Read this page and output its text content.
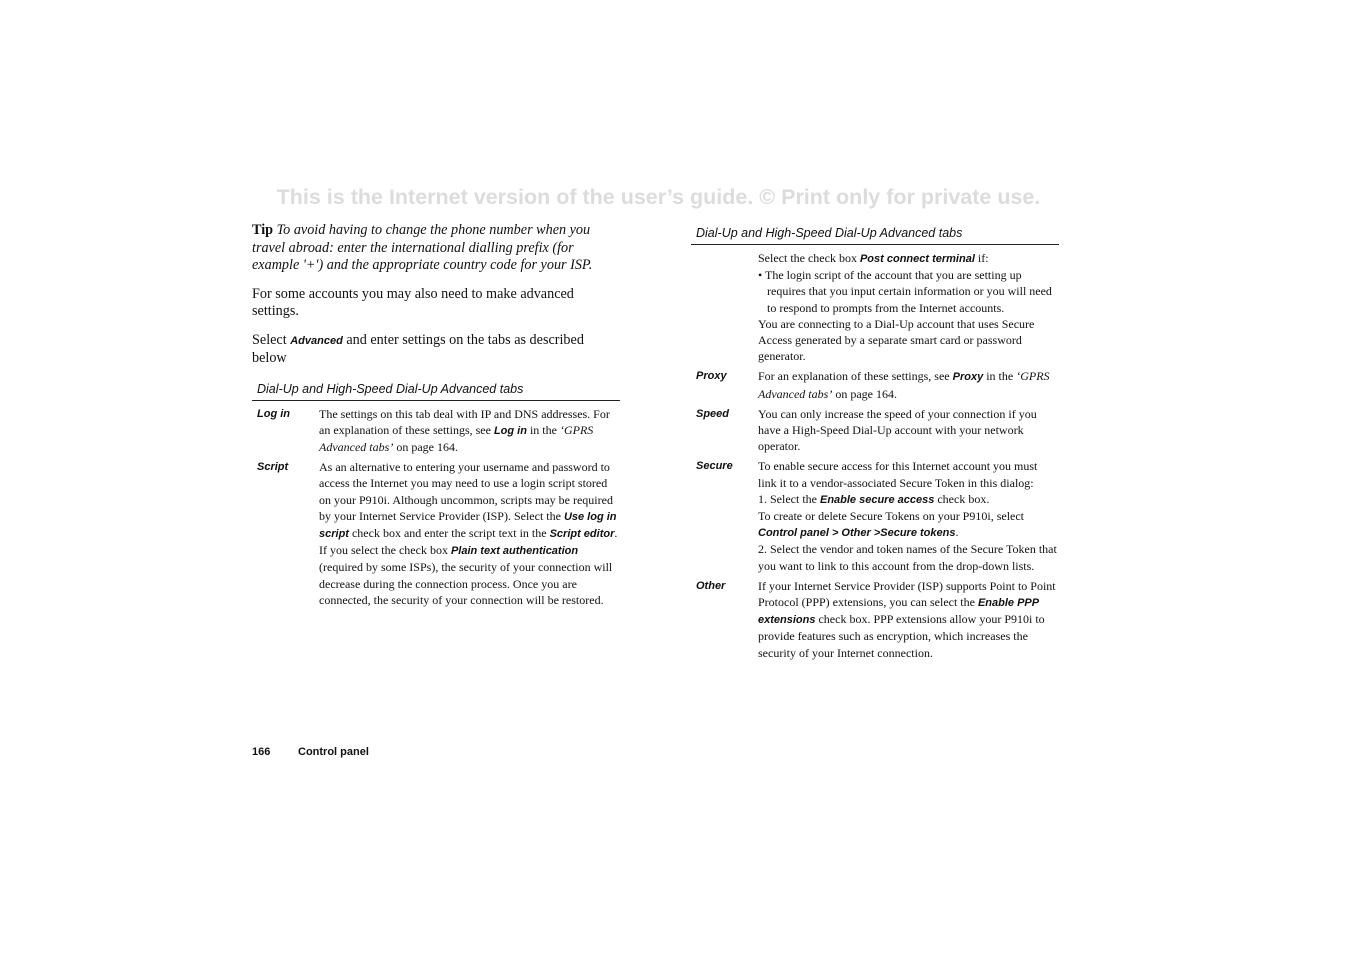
This is the Internet version of the user’s guide. © Print only for private use.

Tip To avoid having to change the phone number when you travel abroad: enter the international dialling prefix (for example '+') and the appropriate country code for your ISP.

For some accounts you may also need to make advanced settings.

Select Advanced and enter settings on the tabs as described below

Dial-Up and High-Speed Dial-Up Advanced tabs
Log in	The settings on this tab deal with IP and DNS addresses. For an explanation of these settings, see Log in in the ‘GPRS Advanced tabs’ on page 164.
Script	As an alternative to entering your username and password to access the Internet you may need to use a login script stored on your P910i. Although uncommon, scripts may be required by your Internet Service Provider (ISP). Select the Use log in script check box and enter the script text in the Script editor.
If you select the check box Plain text authentication (required by some ISPs), the security of your connection will decrease during the connection process. Once you are connected, the security of your connection will be restored.
Dial-Up and High-Speed Dial-Up Advanced tabs
Select the check box Post connect terminal if:
• The login script of the account that you are setting up requires that you input certain information or you will need to respond to prompts from the Internet accounts.
You are connecting to a Dial-Up account that uses Secure Access generated by a separate smart card or password generator.
Proxy	For an explanation of these settings, see Proxy in the ‘GPRS Advanced tabs’ on page 164.
Speed	You can only increase the speed of your connection if you have a High-Speed Dial-Up account with your network operator.
Secure	To enable secure access for this Internet account you must link it to a vendor-associated Secure Token in this dialog:
1. Select the Enable secure access check box.
To create or delete Secure Tokens on your P910i, select Control panel > Other >Secure tokens.
2. Select the vendor and token names of the Secure Token that you want to link to this account from the drop-down lists.
Other	If your Internet Service Provider (ISP) supports Point to Point Protocol (PPP) extensions, you can select the Enable PPP extensions check box. PPP extensions allow your P910i to provide features such as encryption, which increases the security of your Internet connection.
166	Control panel
